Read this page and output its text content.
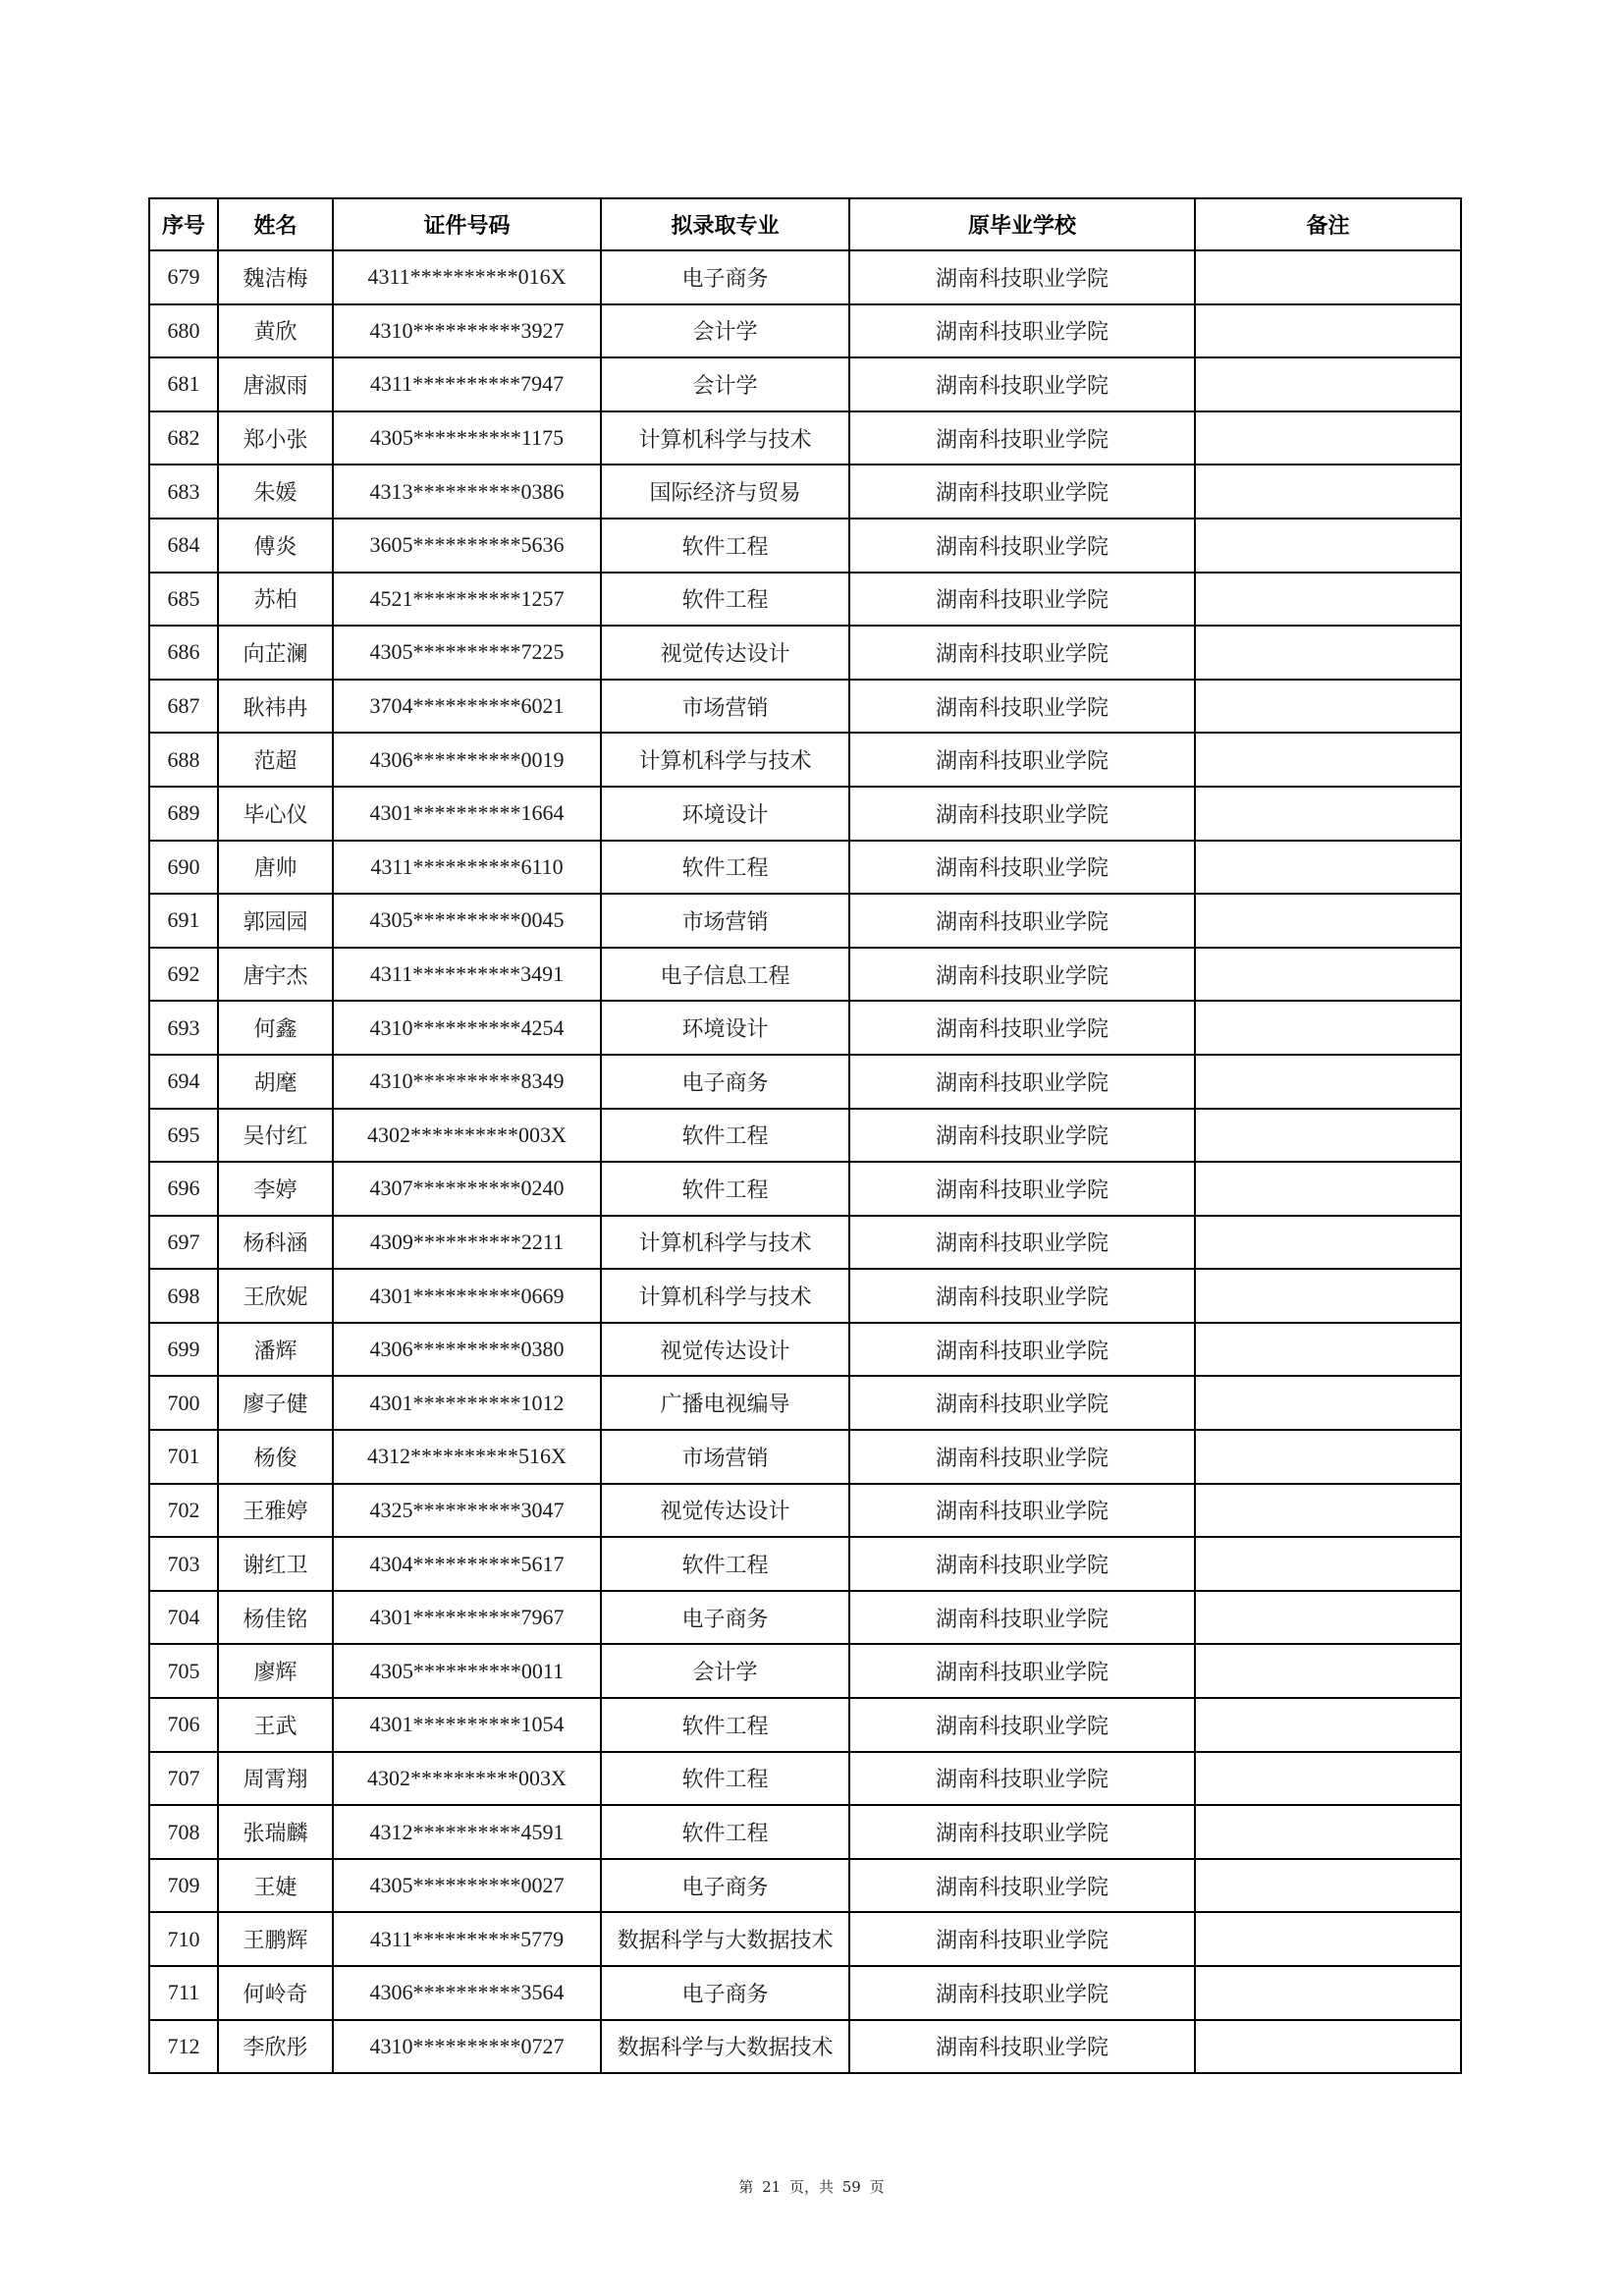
序号	姓名	证件号码	拟录取专业	原毕业学校	备注
679	魏洁梅	4311**********016X	电子商务	湖南科技职业学院	
680	黄欣	4310**********3927	会计学	湖南科技职业学院	
681	唐淑雨	4311**********7947	会计学	湖南科技职业学院	
682	郑小张	4305**********1175	计算机科学与技术	湖南科技职业学院	
683	朱媛	4313**********0386	国际经济与贸易	湖南科技职业学院	
684	傅炎	3605**********5636	软件工程	湖南科技职业学院	
685	苏柏	4521**********1257	软件工程	湖南科技职业学院	
686	向芷澜	4305**********7225	视觉传达设计	湖南科技职业学院	
687	耿祎冉	3704**********6021	市场营销	湖南科技职业学院	
688	范超	4306**********0019	计算机科学与技术	湖南科技职业学院	
689	毕心仪	4301**********1664	环境设计	湖南科技职业学院	
690	唐帅	4311**********6110	软件工程	湖南科技职业学院	
691	郭园园	4305**********0045	市场营销	湖南科技职业学院	
692	唐宇杰	4311**********3491	电子信息工程	湖南科技职业学院	
693	何鑫	4310**********4254	环境设计	湖南科技职业学院	
694	胡麾	4310**********8349	电子商务	湖南科技职业学院	
695	吴付红	4302**********003X	软件工程	湖南科技职业学院	
696	李婷	4307**********0240	软件工程	湖南科技职业学院	
697	杨科涵	4309**********2211	计算机科学与技术	湖南科技职业学院	
698	王欣妮	4301**********0669	计算机科学与技术	湖南科技职业学院	
699	潘辉	4306**********0380	视觉传达设计	湖南科技职业学院	
700	廖子健	4301**********1012	广播电视编导	湖南科技职业学院	
701	杨俊	4312**********516X	市场营销	湖南科技职业学院	
702	王雅婷	4325**********3047	视觉传达设计	湖南科技职业学院	
703	谢红卫	4304**********5617	软件工程	湖南科技职业学院	
704	杨佳铭	4301**********7967	电子商务	湖南科技职业学院	
705	廖辉	4305**********0011	会计学	湖南科技职业学院	
706	王武	4301**********1054	软件工程	湖南科技职业学院	
707	周霄翔	4302**********003X	软件工程	湖南科技职业学院	
708	张瑞麟	4312**********4591	软件工程	湖南科技职业学院	
709	王婕	4305**********0027	电子商务	湖南科技职业学院	
710	王鹏辉	4311**********5779	数据科学与大数据技术	湖南科技职业学院	
711	何岭奇	4306**********3564	电子商务	湖南科技职业学院	
712	李欣彤	4310**********0727	数据科学与大数据技术	湖南科技职业学院	
第 21 页，共 59 页
